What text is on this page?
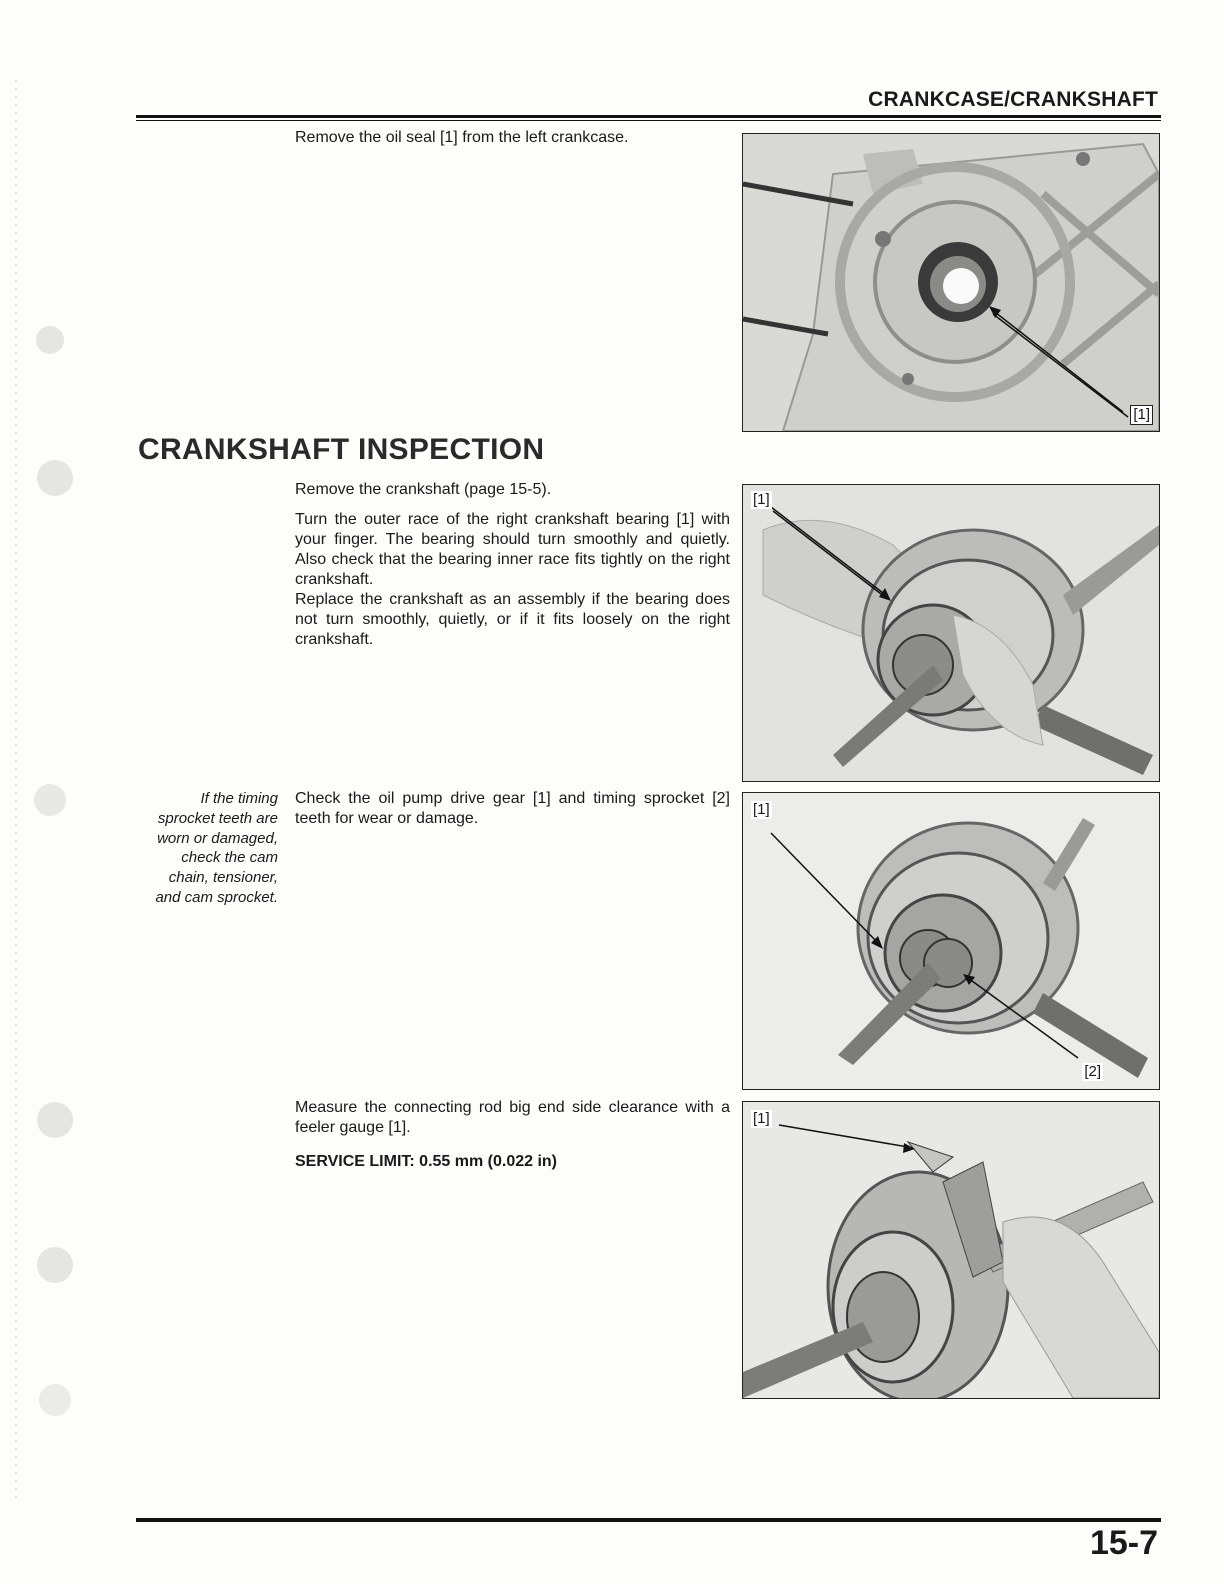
CRANKCASE/CRANKSHAFT
Remove the oil seal [1] from the left crankcase.
[1]
CRANKSHAFT INSPECTION
Remove the crankshaft (page 15-5).
Turn the outer race of the right crankshaft bearing [1] with your finger. The bearing should turn smoothly and quietly. Also check that the bearing inner race fits tightly on the right crankshaft.
Replace the crankshaft as an assembly if the bearing does not turn smoothly, quietly, or if it fits loosely on the right crankshaft.
[1]
If the timing sprocket teeth are worn or damaged, check the cam chain, tensioner, and cam sprocket.
Check the oil pump drive gear [1] and timing sprocket [2] teeth for wear or damage.
[1]
[2]
Measure the connecting rod big end side clearance with a feeler gauge [1].
SERVICE LIMIT: 0.55 mm (0.022 in)
[1]
15-7
